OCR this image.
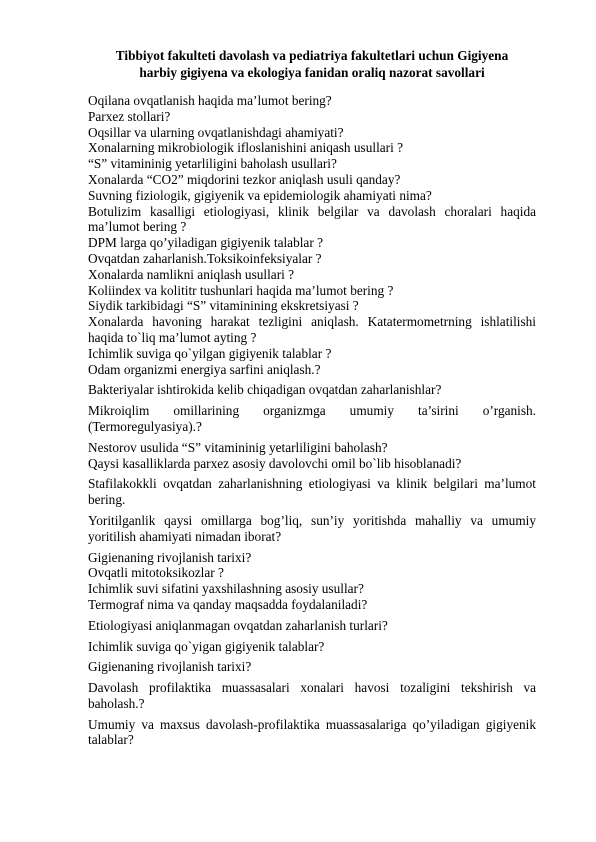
Tibbiyot fakulteti davolash va pediatriya fakultetlari uchun Gigiyena
harbiy gigiyena va ekologiya fanidan oraliq nazorat savollari

Oqilana ovqatlanish haqida ma’lumot bering?

Parxez stollari?

Oqsillar va ularning ovqatlanishdagi ahamiyati?

Xonalarning mikrobiologik ifloslanishini aniqash usullari ?

“S” vitamininig yetarliligini baholash usullari?

Xonalarda “CO2” miqdorini tezkor aniqlash usuli qanday?

Suvning fiziologik, gigiyenik va epidemiologik ahamiyati nima?

Botulizim kasalligi etiologiyasi, klinik belgilar va davolash choralari haqida ma’lumot bering ?

DPM larga qo’yiladigan gigiyenik talablar ?

Ovqatdan zaharlanish.Toksikoinfeksiyalar ?

Xonalarda namlikni aniqlash usullari ?

Koliindex va kolititr tushunlari haqida ma’lumot bering ?

Siydik tarkibidagi “S” vitaminining ekskretsiyasi ?

Xonalarda havoning harakat tezligini aniqlash. Katatermometrning ishlatilishi haqida to`liq ma’lumot ayting ?

Ichimlik suviga qo`yilgan gigiyenik talablar ?

Odam organizmi energiya sarfini aniqlash.?

Bakteriyalar ishtirokida kelib chiqadigan ovqatdan zaharlanishlar?

Mikroiqlim omillarining organizmga umumiy ta’sirini o’rganish. (Termoregulyasiya).?

Nestorov usulida “S” vitamininig yetarliligini baholash?

Qaysi kasalliklarda parxez asosiy davolovchi omil bo`lib hisoblanadi?

Stafilakokkli ovqatdan zaharlanishning etiologiyasi va klinik belgilari ma’lumot bering.

Yoritilganlik qaysi omillarga bog’liq, sun’iy yoritishda mahalliy va umumiy yoritilish ahamiyati nimadan iborat?

Gigienaning rivojlanish tarixi?

Ovqatli mitotoksikozlar ?

Ichimlik suvi sifatini yaxshilashning asosiy usullar?

Termograf nima va qanday maqsadda foydalaniladi?

Etiologiyasi aniqlanmagan ovqatdan zaharlanish turlari?

Ichimlik suviga qo`yigan gigiyenik talablar?

Gigienaning rivojlanish tarixi?

Davolash profilaktika muassasalari xonalari havosi tozaligini tekshirish va baholash.?

Umumiy va maxsus davolash-profilaktika muassasalariga qo’yiladigan gigiyenik talablar?
